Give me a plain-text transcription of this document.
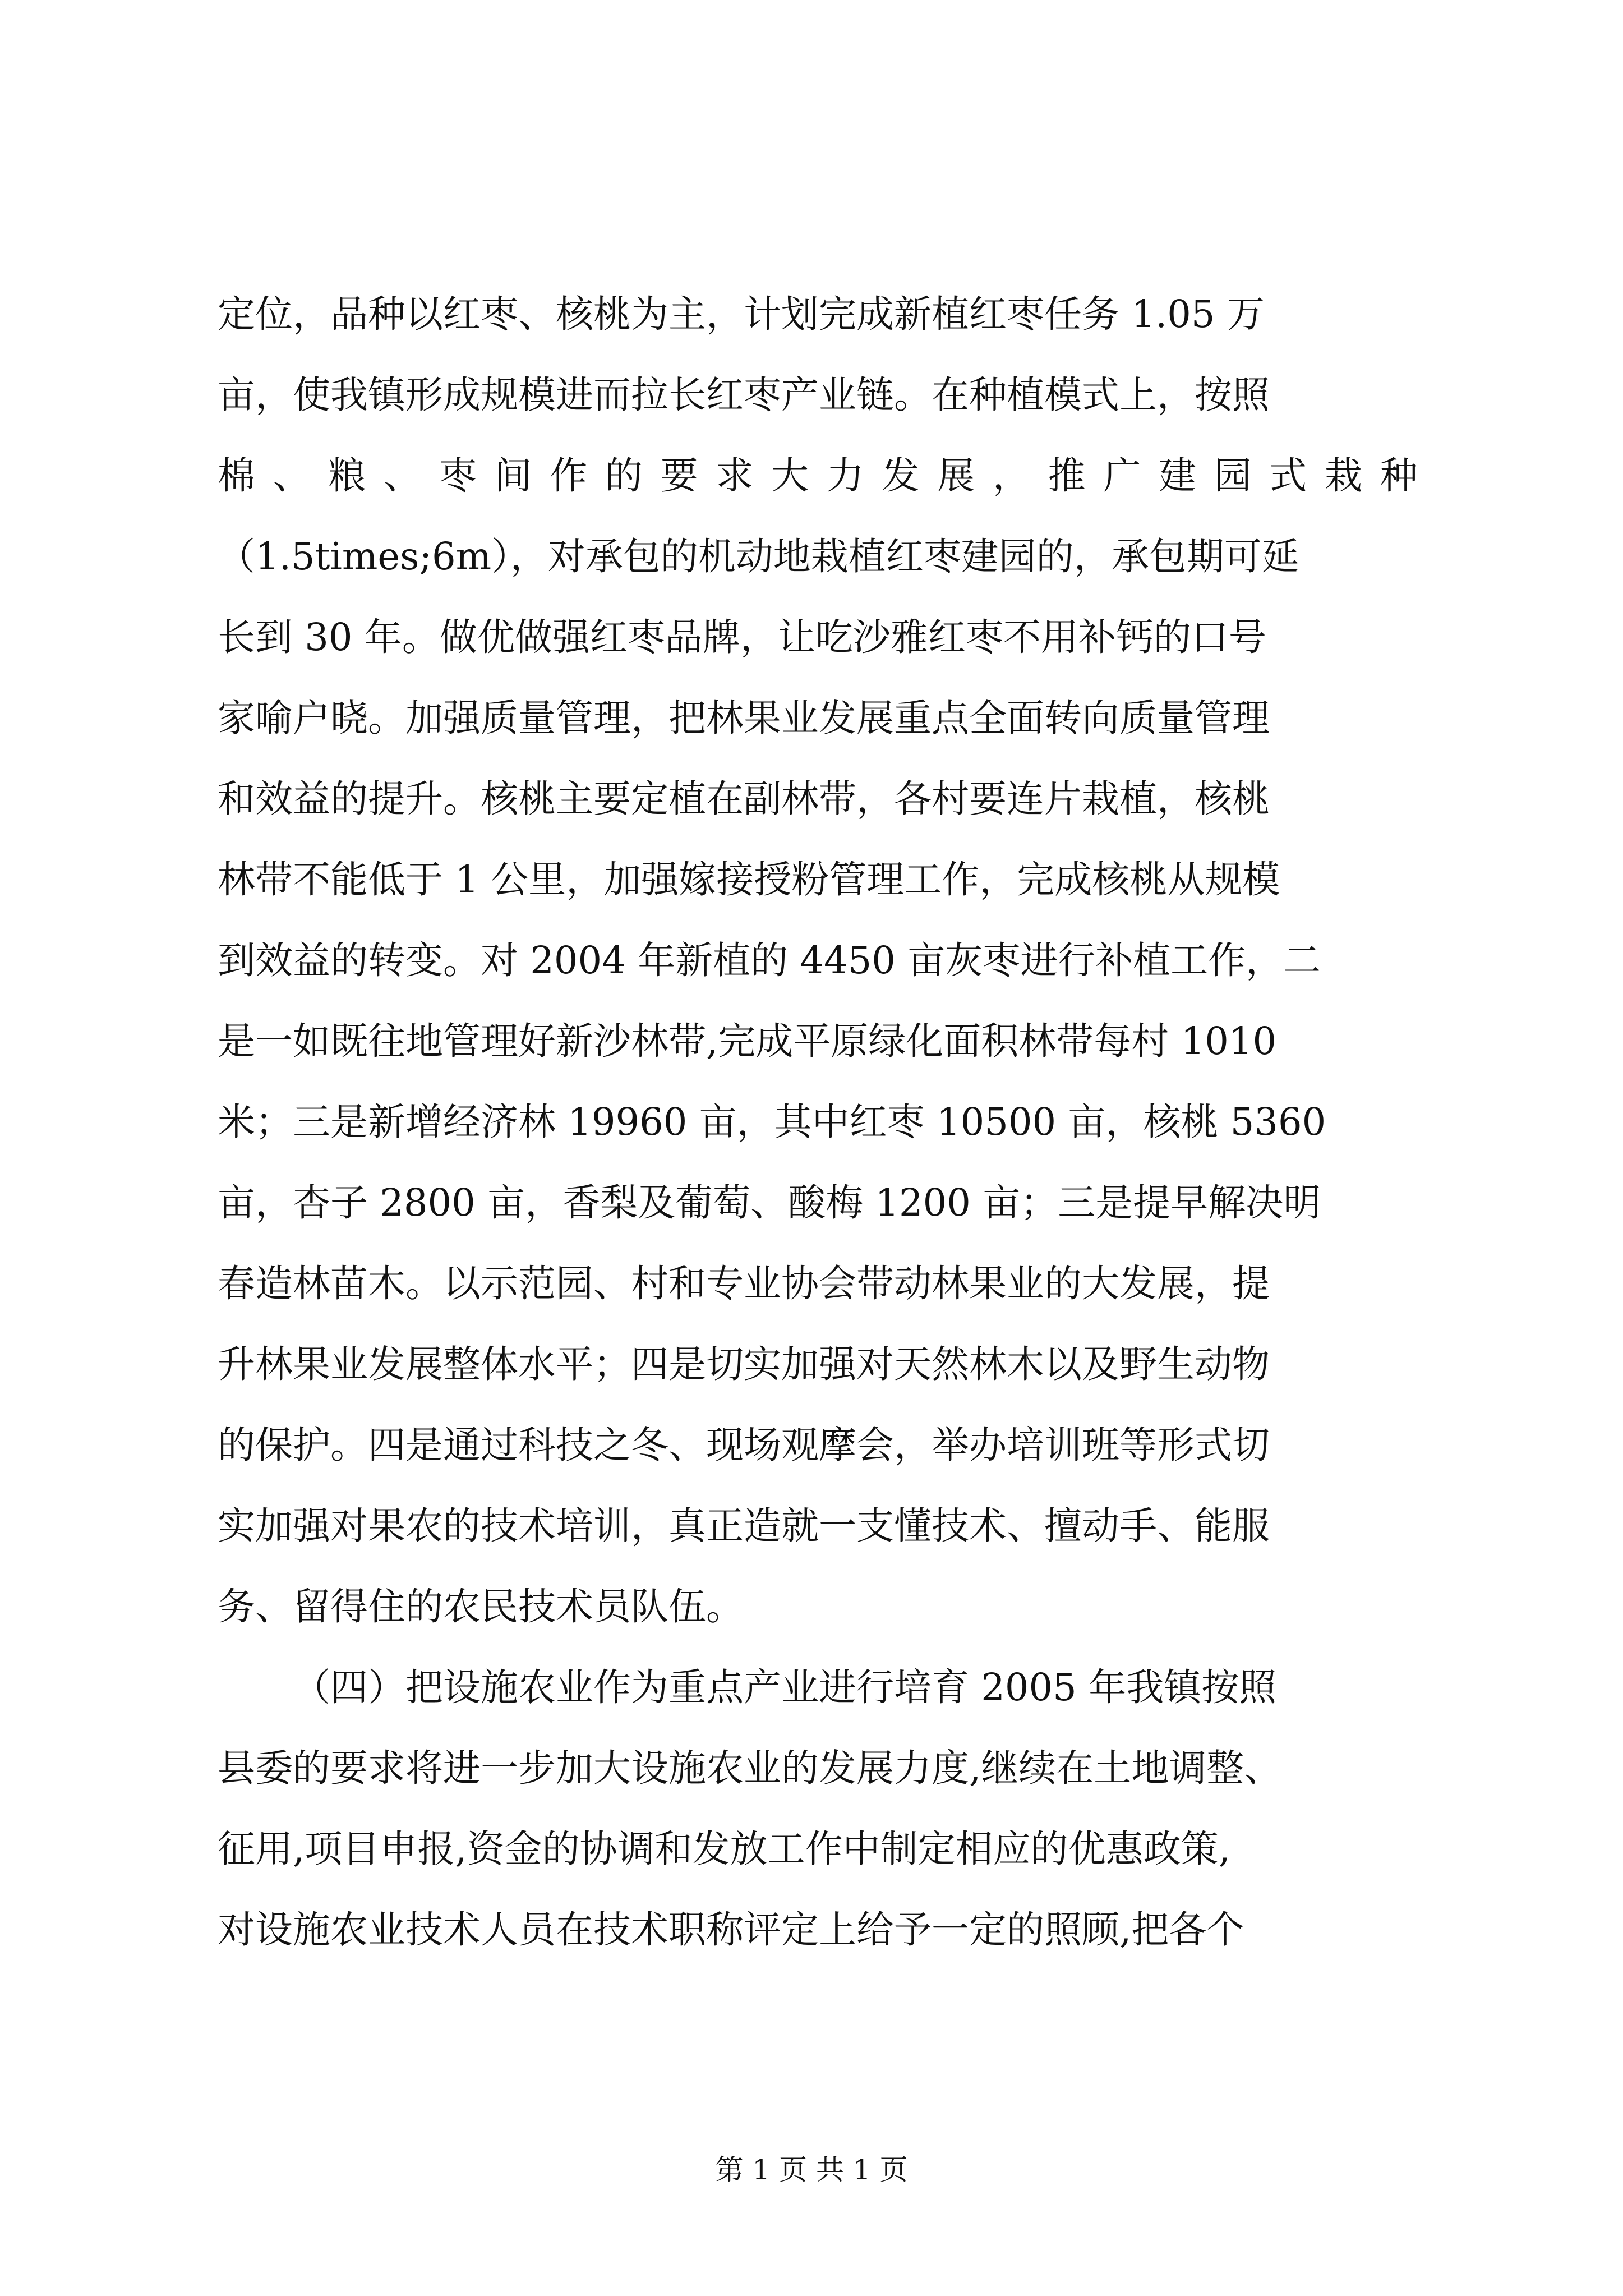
定位，品种以红枣、核桃为主，计划完成新植红枣任务 1.05 万
亩，使我镇形成规模进而拉长红枣产业链。在种植模式上，按照
棉 、 粮 、 枣 间 作 的 要 求 大 力 发 展 ， 推 广 建 园 式 栽 种
（1.5times;6m），对承包的机动地栽植红枣建园的，承包期可延
长到 30 年。做优做强红枣品牌，让吃沙雅红枣不用补钙的口号
家喻户晓。加强质量管理，把林果业发展重点全面转向质量管理
和效益的提升。核桃主要定植在副林带，各村要连片栽植，核桃
林带不能低于 1 公里，加强嫁接授粉管理工作，完成核桃从规模
到效益的转变。对 2004 年新植的 4450 亩灰枣进行补植工作，二
是一如既往地管理好新沙林带,完成平原绿化面积林带每村 1010
米；三是新增经济林 19960 亩，其中红枣 10500 亩，核桃 5360
亩，杏子 2800 亩，香梨及葡萄、酸梅 1200 亩；三是提早解决明
春造林苗木。以示范园、村和专业协会带动林果业的大发展，提
升林果业发展整体水平；四是切实加强对天然林木以及野生动物
的保护。四是通过科技之冬、现场观摩会，举办培训班等形式切
实加强对果农的技术培训，真正造就一支懂技术、擅动手、能服
务、留得住的农民技术员队伍。
（四）把设施农业作为重点产业进行培育 2005 年我镇按照
县委的要求将进一步加大设施农业的发展力度,继续在土地调整、
征用,项目申报,资金的协调和发放工作中制定相应的优惠政策,
对设施农业技术人员在技术职称评定上给予一定的照顾,把各个
第 1 页 共 1 页
